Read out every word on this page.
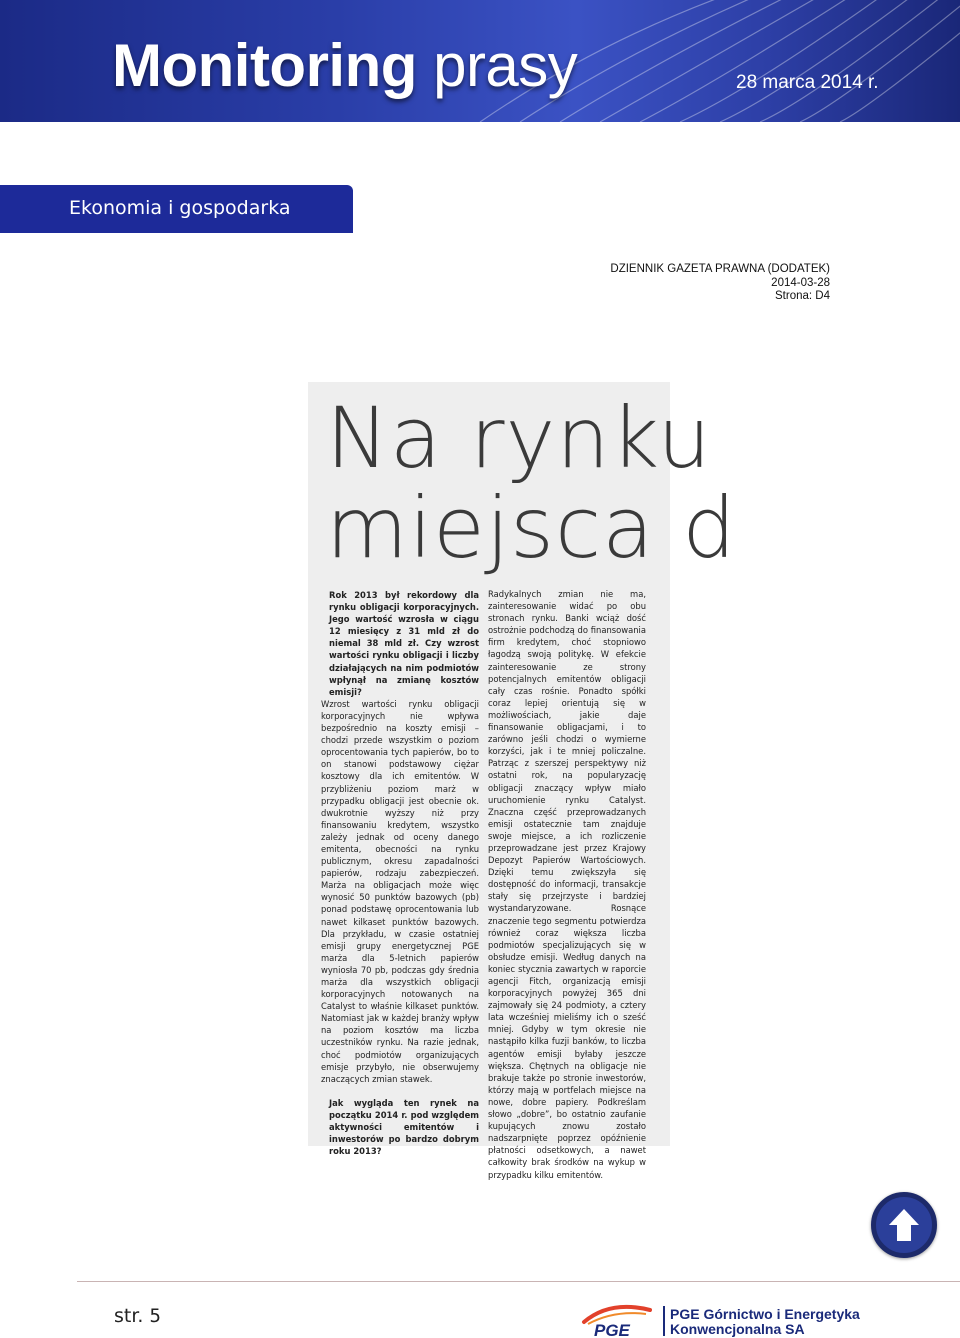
Monitoring prasy	28 marca 2014 r.
Ekonomia i gospodarka
DZIENNIK GAZETA PRAWNA (DODATEK)
2014-03-28
Strona: D4
Na rynku
miejsca d
Rok 2013 był rekordowy dla rynku obligacji korporacyjnych. Jego wartość wzrosła w ciągu 12 miesięcy z 31 mld zł do niemal 38 mld zł. Czy wzrost wartości rynku obligacji i liczby działających na nim podmiotów wpłynął na zmianę kosztów emisji?
Wzrost wartości rynku obligacji korporacyjnych nie wpływa bezpośrednio na koszty emisji – chodzi przede wszystkim o poziom oprocentowania tych papierów, bo to on stanowi podstawowy ciężar kosztowy dla ich emitentów. W przybliżeniu poziom marż w przypadku obligacji jest obecnie ok. dwukrotnie wyższy niż przy finansowaniu kredytem, wszystko zależy jednak od oceny danego emitenta, obecności na rynku publicznym, okresu zapadalności papierów, rodzaju zabezpieczeń. Marża na obligacjach może więc wynosić 50 punktów bazowych (pb) ponad podstawę oprocentowania lub nawet kilkaset punktów bazowych. Dla przykładu, w czasie ostatniej emisji grupy energetycznej PGE marża dla 5-letnich papierów wyniosła 70 pb, podczas gdy średnia marża dla wszystkich obligacji korporacyjnych notowanych na Catalyst to właśnie kilkaset punktów. Natomiast jak w każdej branży wpływ na poziom kosztów ma liczba uczestników rynku. Na razie jednak, choć podmiotów organizujących emisje przybyło, nie obserwujemy znaczących zmian stawek.
Jak wygląda ten rynek na początku 2014 r. pod względem aktywności emitentów i inwestorów po bardzo dobrym roku 2013?
Radykalnych zmian nie ma, zainteresowanie widać po obu stronach rynku. Banki wciąż dość ostrożnie podchodzą do finansowania firm kredytem, choć stopniowo łagodzą swoją politykę. W efekcie zainteresowanie ze strony potencjalnych emitentów obligacji cały czas rośnie. Ponadto spółki coraz lepiej orientują się w możliwościach, jakie daje finansowanie obligacjami, i to zarówno jeśli chodzi o wymierne korzyści, jak i te mniej policzalne. Patrząc z szerszej perspektywy niż ostatni rok, na popularyzację obligacji znaczący wpływ miało uruchomienie rynku Catalyst. Znaczna część przeprowadzanych emisji ostatecznie tam znajduje swoje miejsce, a ich rozliczenie przeprowadzane jest przez Krajowy Depozyt Papierów Wartościowych. Dzięki temu zwiększyła się dostępność do informacji, transakcje stały się przejrzyste i bardziej wystandaryzowane. Rosnące znaczenie tego segmentu potwierdza również coraz większa liczba podmiotów specjalizujących się w obsłudze emisji. Według danych na koniec stycznia zawartych w raporcie agencji Fitch, organizacją emisji korporacyjnych powyżej 365 dni zajmowały się 24 podmioty, a cztery lata wcześniej mieliśmy ich o sześć mniej. Gdyby w tym okresie nie nastąpiło kilka fuzji banków, to liczba agentów emisji byłaby jeszcze większa. Chętnych na obligacje nie brakuje także po stronie inwestorów, którzy mają w portfelach miejsce na nowe, dobre papiery. Podkreślam słowo „dobre”, bo ostatnio zaufanie kupujących znowu zostało nadszarpnięte poprzez opóźnienie płatności odsetkowych, a nawet całkowity brak środków na wykup w przypadku kilku emitentów.
str. 5
PGE
PGE Górnictwo i Energetyka
Konwencjonalna SA
